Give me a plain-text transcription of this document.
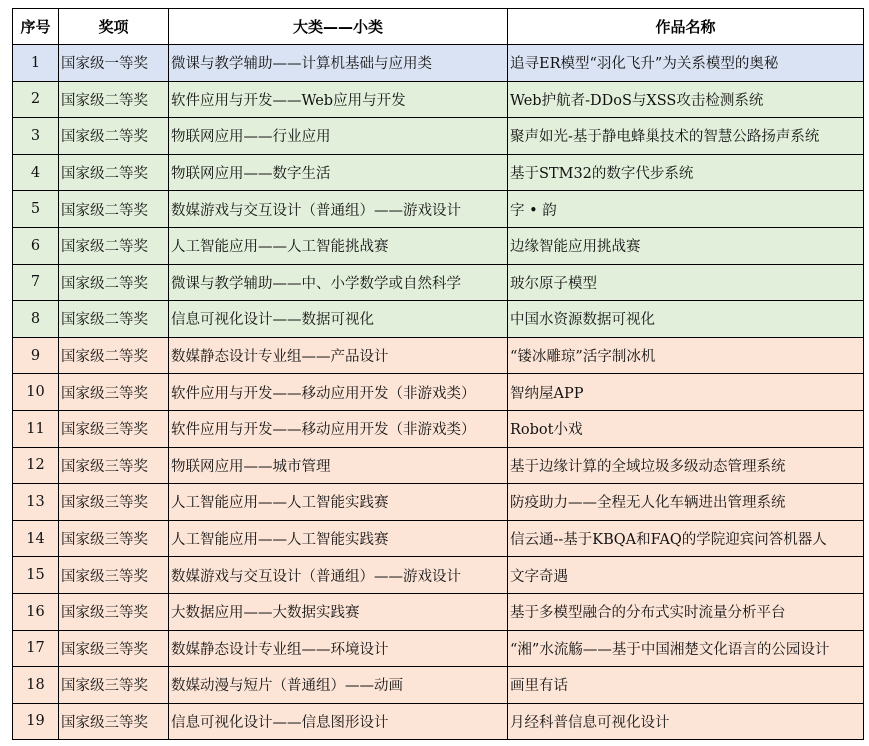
序号	奖项	大类——小类	作品名称
1	国家级一等奖	微课与教学辅助——计算机基础与应用类	追寻ER模型“羽化飞升”为关系模型的奥秘
2	国家级二等奖	软件应用与开发——Web应用与开发	Web护航者-DDoS与XSS攻击检测系统
3	国家级二等奖	物联网应用——行业应用	聚声如光-基于静电蜂巢技术的智慧公路扬声系统
4	国家级二等奖	物联网应用——数字生活	基于STM32的数字代步系统
5	国家级二等奖	数媒游戏与交互设计（普通组）——游戏设计	字 • 韵
6	国家级二等奖	人工智能应用——人工智能挑战赛	边缘智能应用挑战赛
7	国家级二等奖	微课与教学辅助——中、小学数学或自然科学	玻尔原子模型
8	国家级二等奖	信息可视化设计——数据可视化	中国水资源数据可视化
9	国家级二等奖	数媒静态设计专业组——产品设计	“镂冰雕琼”活字制冰机
10	国家级三等奖	软件应用与开发——移动应用开发（非游戏类）	智纳屋APP
11	国家级三等奖	软件应用与开发——移动应用开发（非游戏类）	Robot小戏
12	国家级三等奖	物联网应用——城市管理	基于边缘计算的全域垃圾多级动态管理系统
13	国家级三等奖	人工智能应用——人工智能实践赛	防疫助力——全程无人化车辆进出管理系统
14	国家级三等奖	人工智能应用——人工智能实践赛	信云通--基于KBQA和FAQ的学院迎宾问答机器人
15	国家级三等奖	数媒游戏与交互设计（普通组）——游戏设计	文字奇遇
16	国家级三等奖	大数据应用——大数据实践赛	基于多模型融合的分布式实时流量分析平台
17	国家级三等奖	数媒静态设计专业组——环境设计	“湘”水流觞——基于中国湘楚文化语言的公园设计
18	国家级三等奖	数媒动漫与短片（普通组）——动画	画里有话
19	国家级三等奖	信息可视化设计——信息图形设计	月经科普信息可视化设计
